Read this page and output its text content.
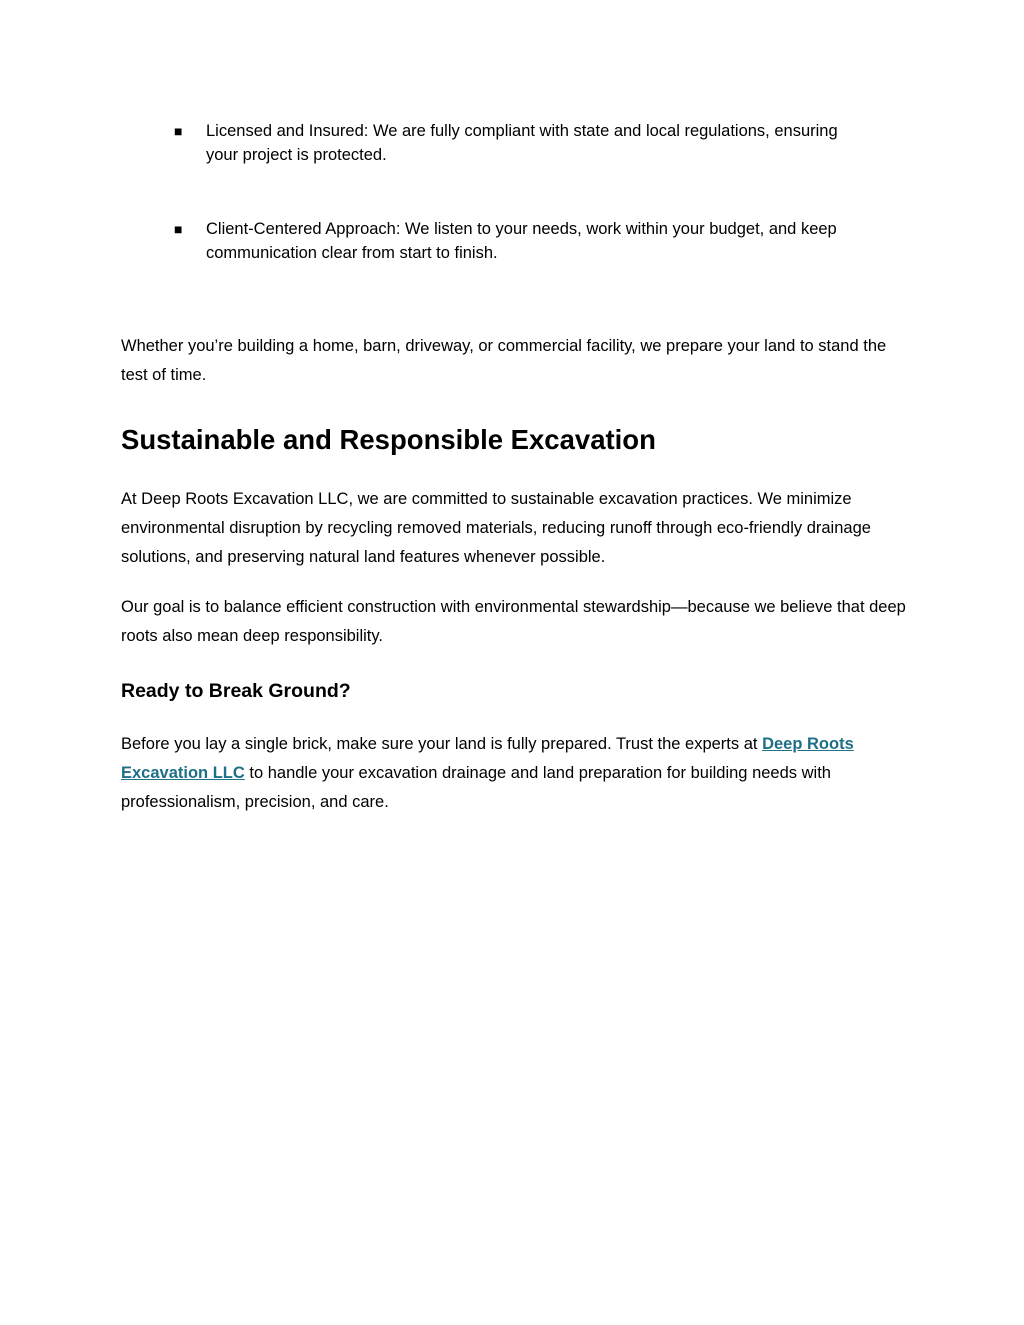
■ Licensed and Insured: We are fully compliant with state and local regulations, ensuring your project is protected.
■ Client-Centered Approach: We listen to your needs, work within your budget, and keep communication clear from start to finish.

Whether you’re building a home, barn, driveway, or commercial facility, we prepare your land to stand the test of time.

Sustainable and Responsible Excavation

At Deep Roots Excavation LLC, we are committed to sustainable excavation practices. We minimize environmental disruption by recycling removed materials, reducing runoff through eco-friendly drainage solutions, and preserving natural land features whenever possible.

Our goal is to balance efficient construction with environmental stewardship—because we believe that deep roots also mean deep responsibility.

Ready to Break Ground?

Before you lay a single brick, make sure your land is fully prepared. Trust the experts at Deep Roots Excavation LLC to handle your excavation drainage and land preparation for building needs with professionalism, precision, and care.
